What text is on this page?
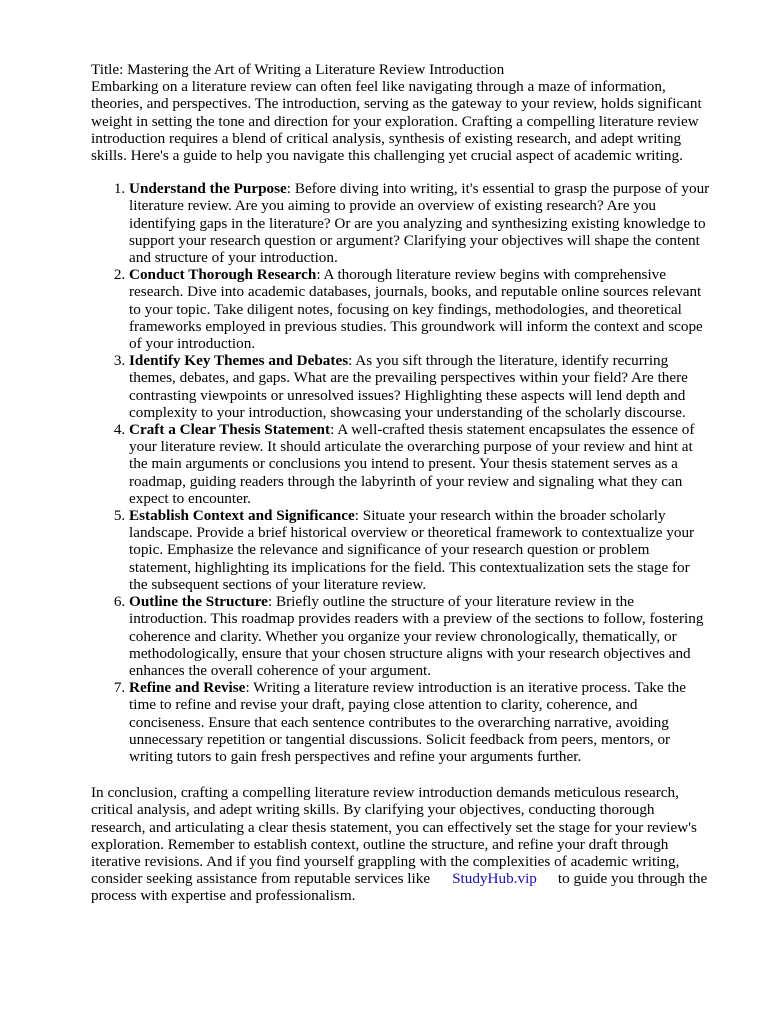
Title: Mastering the Art of Writing a Literature Review Introduction

Embarking on a literature review can often feel like navigating through a maze of information, theories, and perspectives. The introduction, serving as the gateway to your review, holds significant weight in setting the tone and direction for your exploration. Crafting a compelling literature review introduction requires a blend of critical analysis, synthesis of existing research, and adept writing skills. Here's a guide to help you navigate this challenging yet crucial aspect of academic writing.

1. Understand the Purpose: Before diving into writing, it's essential to grasp the purpose of your literature review. Are you aiming to provide an overview of existing research? Are you identifying gaps in the literature? Or are you analyzing and synthesizing existing knowledge to support your research question or argument? Clarifying your objectives will shape the content and structure of your introduction.
2. Conduct Thorough Research: A thorough literature review begins with comprehensive research. Dive into academic databases, journals, books, and reputable online sources relevant to your topic. Take diligent notes, focusing on key findings, methodologies, and theoretical frameworks employed in previous studies. This groundwork will inform the context and scope of your introduction.
3. Identify Key Themes and Debates: As you sift through the literature, identify recurring themes, debates, and gaps. What are the prevailing perspectives within your field? Are there contrasting viewpoints or unresolved issues? Highlighting these aspects will lend depth and complexity to your introduction, showcasing your understanding of the scholarly discourse.
4. Craft a Clear Thesis Statement: A well-crafted thesis statement encapsulates the essence of your literature review. It should articulate the overarching purpose of your review and hint at the main arguments or conclusions you intend to present. Your thesis statement serves as a roadmap, guiding readers through the labyrinth of your review and signaling what they can expect to encounter.
5. Establish Context and Significance: Situate your research within the broader scholarly landscape. Provide a brief historical overview or theoretical framework to contextualize your topic. Emphasize the relevance and significance of your research question or problem statement, highlighting its implications for the field. This contextualization sets the stage for the subsequent sections of your literature review.
6. Outline the Structure: Briefly outline the structure of your literature review in the introduction. This roadmap provides readers with a preview of the sections to follow, fostering coherence and clarity. Whether you organize your review chronologically, thematically, or methodologically, ensure that your chosen structure aligns with your research objectives and enhances the overall coherence of your argument.
7. Refine and Revise: Writing a literature review introduction is an iterative process. Take the time to refine and revise your draft, paying close attention to clarity, coherence, and conciseness. Ensure that each sentence contributes to the overarching narrative, avoiding unnecessary repetition or tangential discussions. Solicit feedback from peers, mentors, or writing tutors to gain fresh perspectives and refine your arguments further.

In conclusion, crafting a compelling literature review introduction demands meticulous research, critical analysis, and adept writing skills. By clarifying your objectives, conducting thorough research, and articulating a clear thesis statement, you can effectively set the stage for your review's exploration. Remember to establish context, outline the structure, and refine your draft through iterative revisions. And if you find yourself grappling with the complexities of academic writing, consider seeking assistance from reputable services like StudyHub.vip to guide you through the process with expertise and professionalism.
